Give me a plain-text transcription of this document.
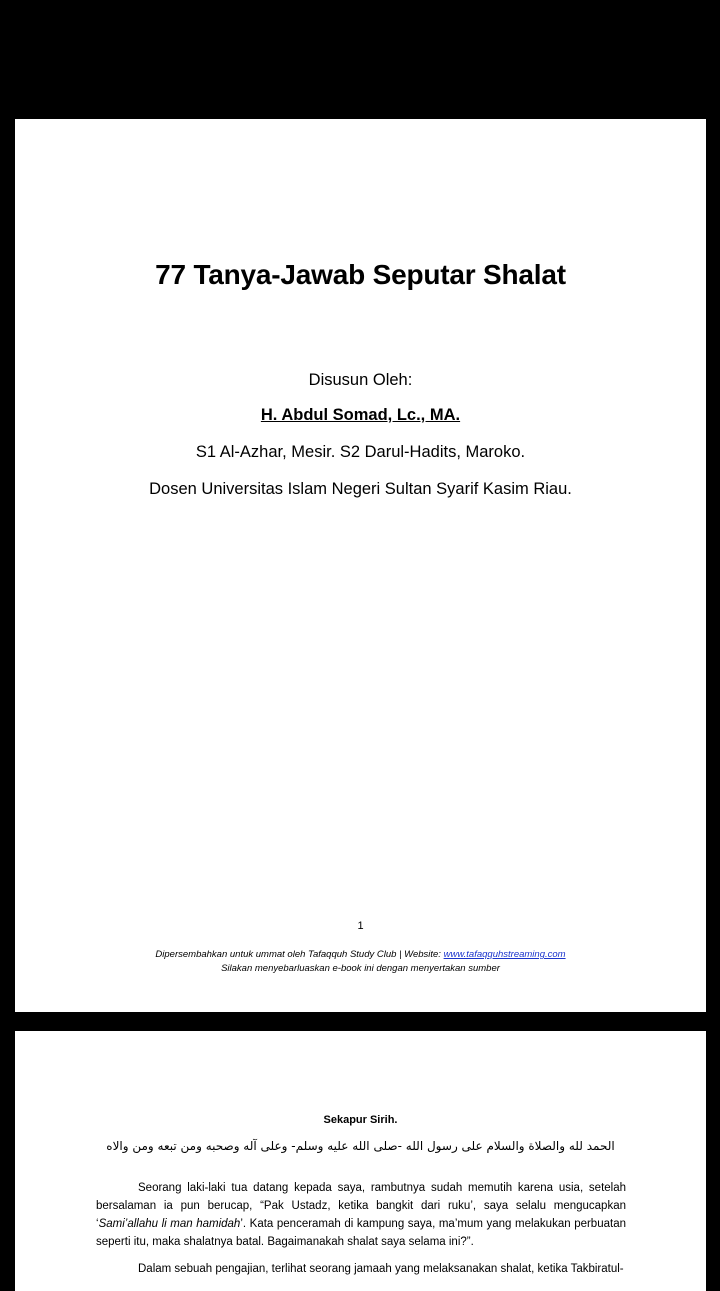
77 Tanya-Jawab Seputar Shalat
Disusun Oleh:
H. Abdul Somad, Lc., MA.
S1 Al-Azhar, Mesir. S2 Darul-Hadits, Maroko.
Dosen Universitas Islam Negeri Sultan Syarif Kasim Riau.
1
Dipersembahkan untuk ummat oleh Tafaqquh Study Club | Website: www.tafaqquhstreaming.com
Silakan menyebarluaskan e-book ini dengan menyertakan sumber
Sekapur Sirih.
الحمد لله والصلاة والسلام على رسول الله -صلى الله عليه وسلم- وعلى آله وصحبه ومن تبعه ومن والاه
Seorang laki-laki tua datang kepada saya, rambutnya sudah memutih karena usia, setelah bersalaman ia pun berucap, “Pak Ustadz, ketika bangkit dari ruku’, saya selalu mengucapkan ‘Sami’allahu li man hamidah’. Kata penceramah di kampung saya, ma’mum yang melakukan perbuatan seperti itu, maka shalatnya batal. Bagaimanakah shalat saya selama ini?”.
Dalam sebuah pengajian, terlihat seorang jamaah yang melaksanakan shalat, ketika Takbiratul-
